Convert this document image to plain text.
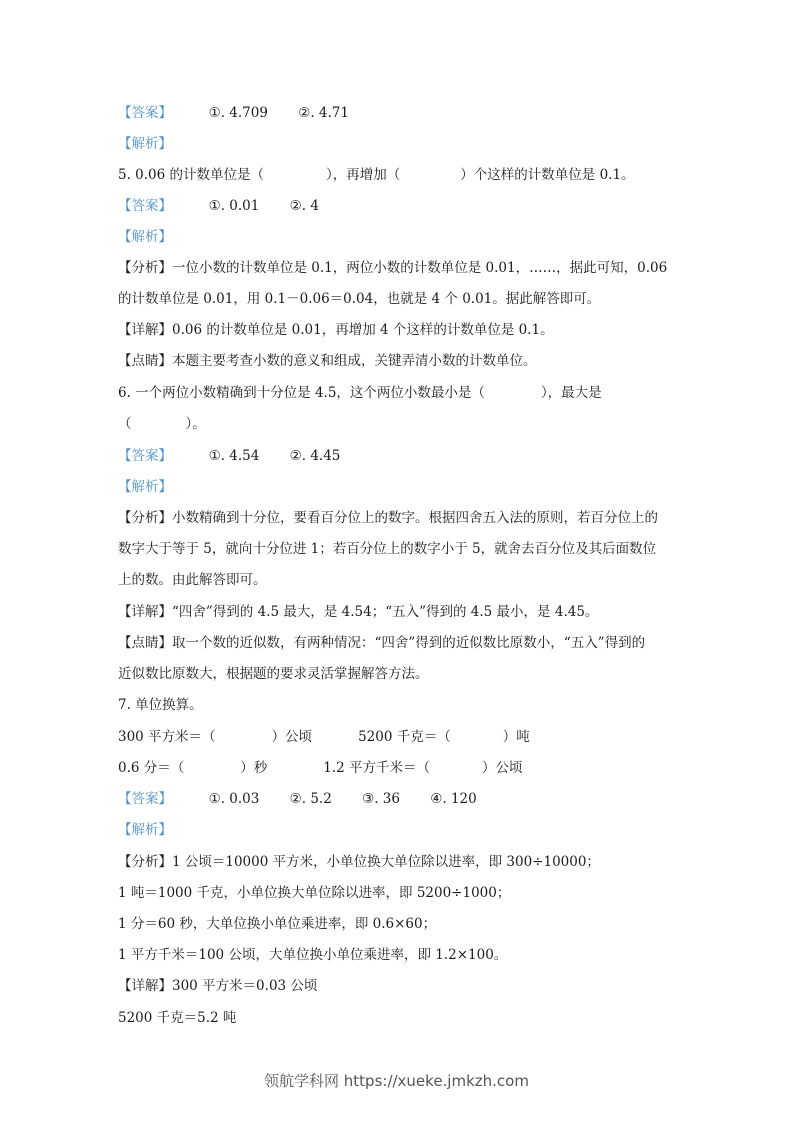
【答案】	①. 4.709 ②. 4.71
【解析】
5. 0.06 的计数单位是（	），再增加（	）个这样的计数单位是 0.1。
【答案】	①. 0.01 ②. 4
【解析】
【分析】一位小数的计数单位是 0.1，两位小数的计数单位是 0.01，……，据此可知，0.06
的计数单位是 0.01，用 0.1－0.06＝0.04，也就是 4 个 0.01。据此解答即可。
【详解】0.06 的计数单位是 0.01，再增加 4 个这样的计数单位是 0.1。
【点睛】本题主要考查小数的意义和组成，关键弄清小数的计数单位。
6. 一个两位小数精确到十分位是 4.5，这个两位小数最小是（	），最大是
（	）。
【答案】	①. 4.54 ②. 4.45
【解析】
【分析】小数精确到十分位，要看百分位上的数字。根据四舍五入法的原则，若百分位上的
数字大于等于 5，就向十分位进 1；若百分位上的数字小于 5，就舍去百分位及其后面数位
上的数。由此解答即可。
【详解】“四舍”得到的 4.5 最大，是 4.54；“五入”得到的 4.5 最小，是 4.45。
【点睛】取一个数的近似数，有两种情况：“四舍”得到的近似数比原数小，“五入”得到的
近似数比原数大，根据题的要求灵活掌握解答方法。
7. 单位换算。
300 平方米＝（	）公顷	5200 千克＝（	）吨
0.6 分＝（	）秒	1.2 平方千米＝（	）公顷
【答案】	①. 0.03 ②. 5.2 ③. 36 ④. 120
【解析】
【分析】1 公顷＝10000 平方米，小单位换大单位除以进率，即 300÷10000；
1 吨＝1000 千克，小单位换大单位除以进率，即 5200÷1000；
1 分＝60 秒，大单位换小单位乘进率，即 0.6×60；
1 平方千米＝100 公顷，大单位换小单位乘进率，即 1.2×100。
【详解】300 平方米＝0.03 公顷
5200 千克＝5.2 吨
领航学科网 https://xueke.jmkzh.com
